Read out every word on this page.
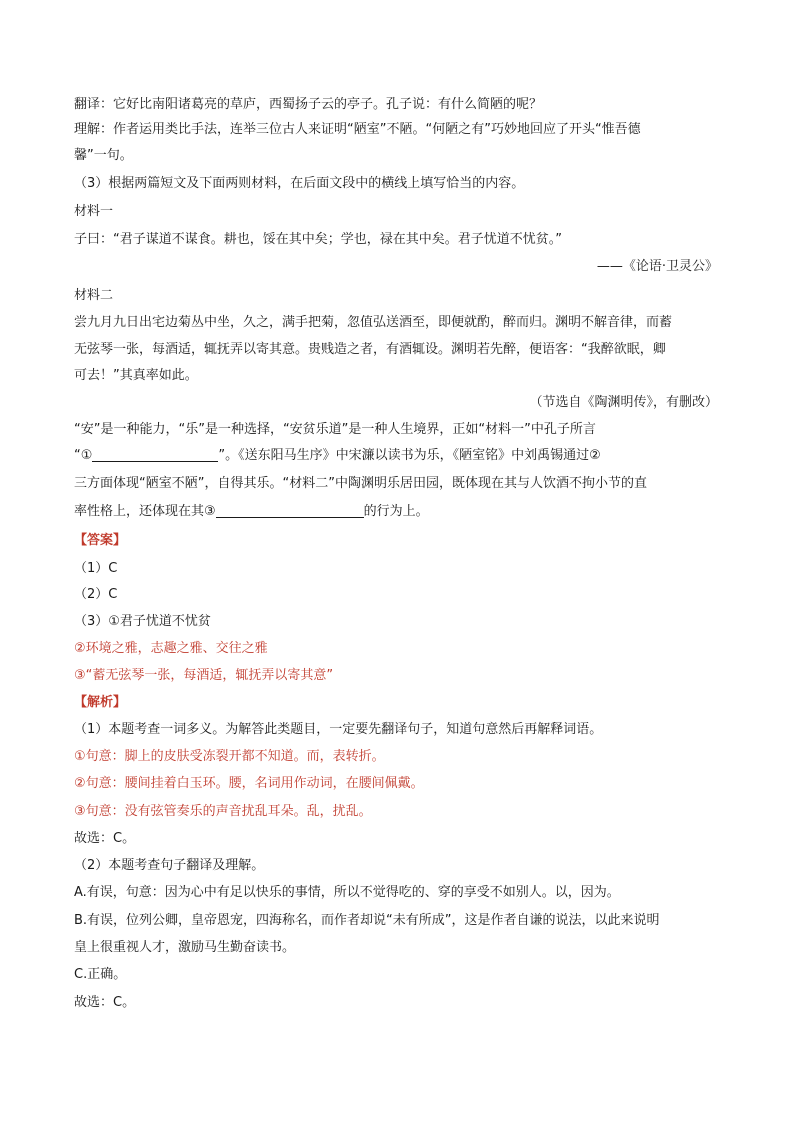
翻译：它好比南阳诸葛亮的草庐，西蜀扬子云的亭子。孔子说：有什么简陋的呢？
理解：作者运用类比手法，连举三位古人来证明“陋室”不陋。“何陋之有”巧妙地回应了开头“惟吾德
馨”一句。
（3）根据两篇短文及下面两则材料，在后面文段中的横线上填写恰当的内容。
材料一
子曰：“君子谋道不谋食。耕也，馁在其中矣；学也，禄在其中矣。君子忧道不忧贫。”
——《论语·卫灵公》
材料二
尝九月九日出宅边菊丛中坐，久之，满手把菊，忽值弘送酒至，即便就酌，醉而归。渊明不解音律，而蓄
无弦琴一张，每酒适，辄抚弄以寄其意。贵贱造之者，有酒辄设。渊明若先醉，便语客：“我醉欲眠，卿
可去！”其真率如此。
（节选自《陶渊明传》，有删改）
“安”是一种能力，“乐”是一种选择，“安贫乐道”是一种人生境界，正如“材料一”中孔子所言
“①	”。《送东阳马生序》中宋濂以读书为乐，《陋室铭》中刘禹锡通过②
三方面体现“陋室不陋”，自得其乐。“材料二”中陶渊明乐居田园，既体现在其与人饮酒不拘小节的直
率性格上，还体现在其③	的行为上。
【答案】
（1）C
（2）C
（3）①君子忧道不忧贫
②环境之雅，志趣之雅、交往之雅
③“蓄无弦琴一张，每酒适，辄抚弄以寄其意”
【解析】
（1）本题考查一词多义。为解答此类题目，一定要先翻译句子，知道句意然后再解释词语。
①句意：脚上的皮肤受冻裂开都不知道。而，表转折。
②句意：腰间挂着白玉环。腰，名词用作动词，在腰间佩戴。
③句意：没有弦管奏乐的声音扰乱耳朵。乱，扰乱。
故选：C。
（2）本题考查句子翻译及理解。
A.有误，句意：因为心中有足以快乐的事情，所以不觉得吃的、穿的享受不如别人。以，因为。
B.有误，位列公卿，皇帝恩宠，四海称名，而作者却说“未有所成”，这是作者自谦的说法，以此来说明
皇上很重视人才，激励马生勤奋读书。
C.正确。
故选：C。
